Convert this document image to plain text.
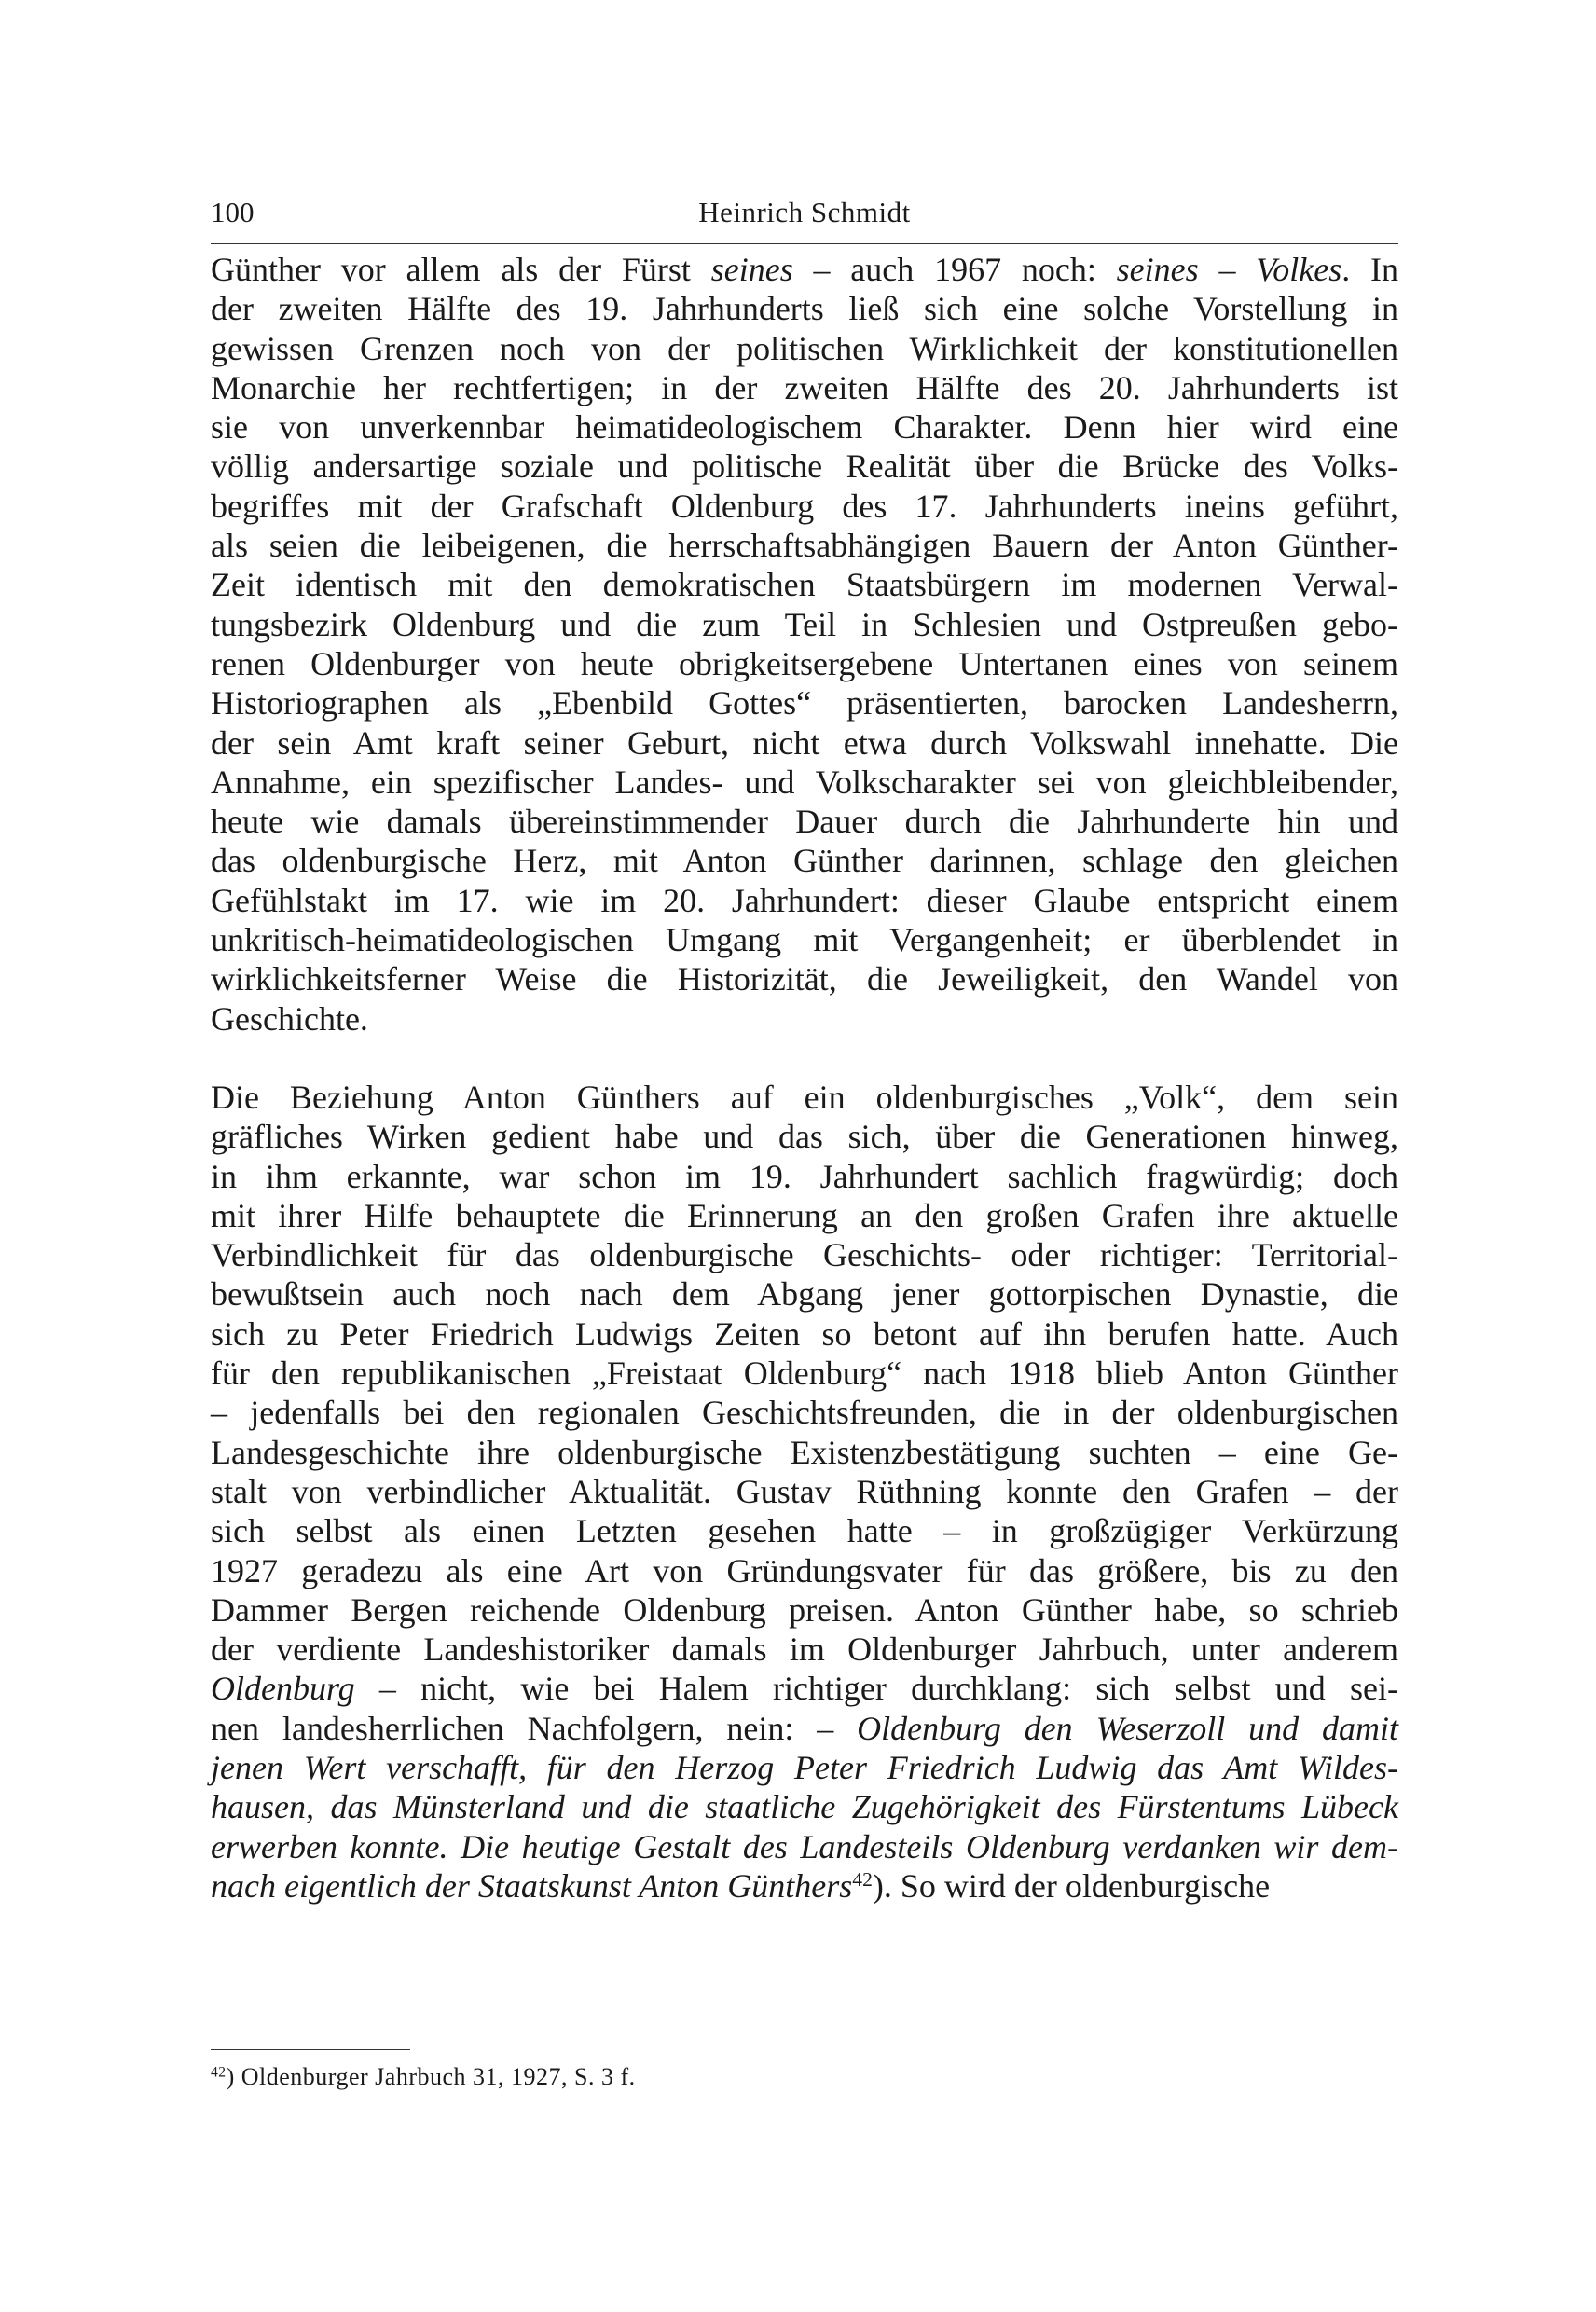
100	Heinrich Schmidt
Günther vor allem als der Fürst seines – auch 1967 noch: seines – Volkes. In
der zweiten Hälfte des 19. Jahrhunderts ließ sich eine solche Vorstellung in
gewissen Grenzen noch von der politischen Wirklichkeit der konstitutionellen
Monarchie her rechtfertigen; in der zweiten Hälfte des 20. Jahrhunderts ist
sie von unverkennbar heimatideologischem Charakter. Denn hier wird eine
völlig andersartige soziale und politische Realität über die Brücke des Volks-
begriffes mit der Grafschaft Oldenburg des 17. Jahrhunderts ineins geführt,
als seien die leibeigenen, die herrschaftsabhängigen Bauern der Anton Günther-
Zeit identisch mit den demokratischen Staatsbürgern im modernen Verwal-
tungsbezirk Oldenburg und die zum Teil in Schlesien und Ostpreußen gebo-
renen Oldenburger von heute obrigkeitsergebene Untertanen eines von seinem
Historiographen als „Ebenbild Gottes“ präsentierten, barocken Landesherrn,
der sein Amt kraft seiner Geburt, nicht etwa durch Volkswahl innehatte. Die
Annahme, ein spezifischer Landes- und Volkscharakter sei von gleichbleibender,
heute wie damals übereinstimmender Dauer durch die Jahrhunderte hin und
das oldenburgische Herz, mit Anton Günther darinnen, schlage den gleichen
Gefühlstakt im 17. wie im 20. Jahrhundert: dieser Glaube entspricht einem
unkritisch-heimatideologischen Umgang mit Vergangenheit; er überblendet in
wirklichkeitsferner Weise die Historizität, die Jeweiligkeit, den Wandel von
Geschichte.
Die Beziehung Anton Günthers auf ein oldenburgisches „Volk“, dem sein
gräfliches Wirken gedient habe und das sich, über die Generationen hinweg,
in ihm erkannte, war schon im 19. Jahrhundert sachlich fragwürdig; doch
mit ihrer Hilfe behauptete die Erinnerung an den großen Grafen ihre aktuelle
Verbindlichkeit für das oldenburgische Geschichts- oder richtiger: Territorial-
bewußtsein auch noch nach dem Abgang jener gottorpischen Dynastie, die
sich zu Peter Friedrich Ludwigs Zeiten so betont auf ihn berufen hatte. Auch
für den republikanischen „Freistaat Oldenburg“ nach 1918 blieb Anton Günther
– jedenfalls bei den regionalen Geschichtsfreunden, die in der oldenburgischen
Landesgeschichte ihre oldenburgische Existenzbestätigung suchten – eine Ge-
stalt von verbindlicher Aktualität. Gustav Rüthning konnte den Grafen – der
sich selbst als einen Letzten gesehen hatte – in großzügiger Verkürzung
1927 geradezu als eine Art von Gründungsvater für das größere, bis zu den
Dammer Bergen reichende Oldenburg preisen. Anton Günther habe, so schrieb
der verdiente Landeshistoriker damals im Oldenburger Jahrbuch, unter anderem
Oldenburg – nicht, wie bei Halem richtiger durchklang: sich selbst und sei-
nen landesherrlichen Nachfolgern, nein: – Oldenburg den Weserzoll und damit
jenen Wert verschafft, für den Herzog Peter Friedrich Ludwig das Amt Wildes-
hausen, das Münsterland und die staatliche Zugehörigkeit des Fürstentums Lübeck
erwerben konnte. Die heutige Gestalt des Landesteils Oldenburg verdanken wir dem-
nach eigentlich der Staatskunst Anton Günthers$^{42}$). So wird der oldenburgische
$^{42}$) Oldenburger Jahrbuch 31, 1927, S. 3 f.
